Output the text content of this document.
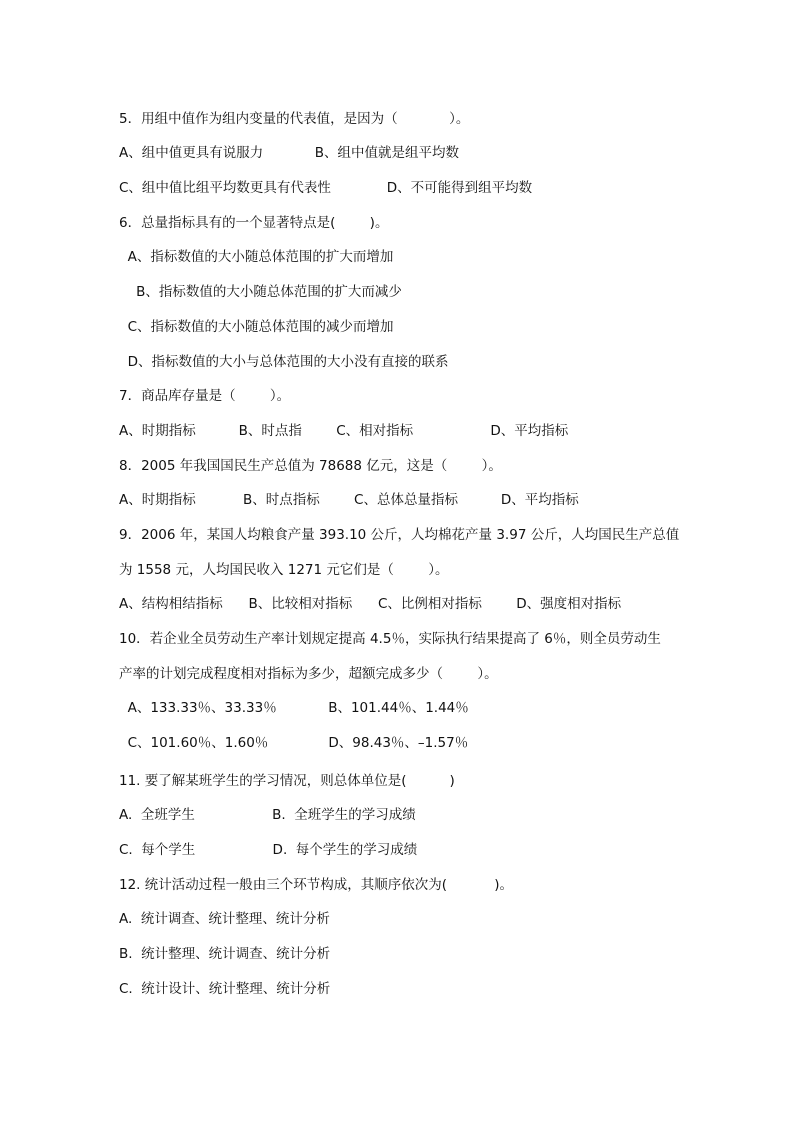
5．用组中值作为组内变量的代表值，是因为（            ）。
A、组中值更具有说服力            B、组中值就是组平均数
C、组中值比组平均数更具有代表性             D、不可能得到组平均数
6．总量指标具有的一个显著特点是(        )。
A、指标数值的大小随总体范围的扩大而增加
B、指标数值的大小随总体范围的扩大而减少
C、指标数值的大小随总体范围的减少而增加
D、指标数值的大小与总体范围的大小没有直接的联系
7．商品库存量是（        ）。
A、时期指标          B、时点指        C、相对指标                  D、平均指标
8．2005 年我国国民生产总值为 78688 亿元，这是（        ）。
A、时期指标           B、时点指标        C、总体总量指标          D、平均指标
9．2006 年，某国人均粮食产量 393.10 公斤，人均棉花产量 3.97 公斤，人均国民生产总值
为 1558 元，人均国民收入 1271 元它们是（        ）。
A、结构相结指标      B、比较相对指标      C、比例相对指标        D、强度相对指标
10．若企业全员劳动生产率计划规定提高 4.5％，实际执行结果提高了 6％，则全员劳动生
产率的计划完成程度相对指标为多少，超额完成多少（        ）。
A、133.33％、33.33％            B、101.44％、1.44％
C、101.60％、1.60％              D、98.43％、–1.57％
11. 要了解某班学生的学习情况，则总体单位是(          )
A.  全班学生                  B.  全班学生的学习成绩
C.  每个学生                  D.  每个学生的学习成绩
12. 统计活动过程一般由三个环节构成，其顺序依次为(           )。
A.  统计调查、统计整理、统计分析
B.  统计整理、统计调查、统计分析
C.  统计设计、统计整理、统计分析
